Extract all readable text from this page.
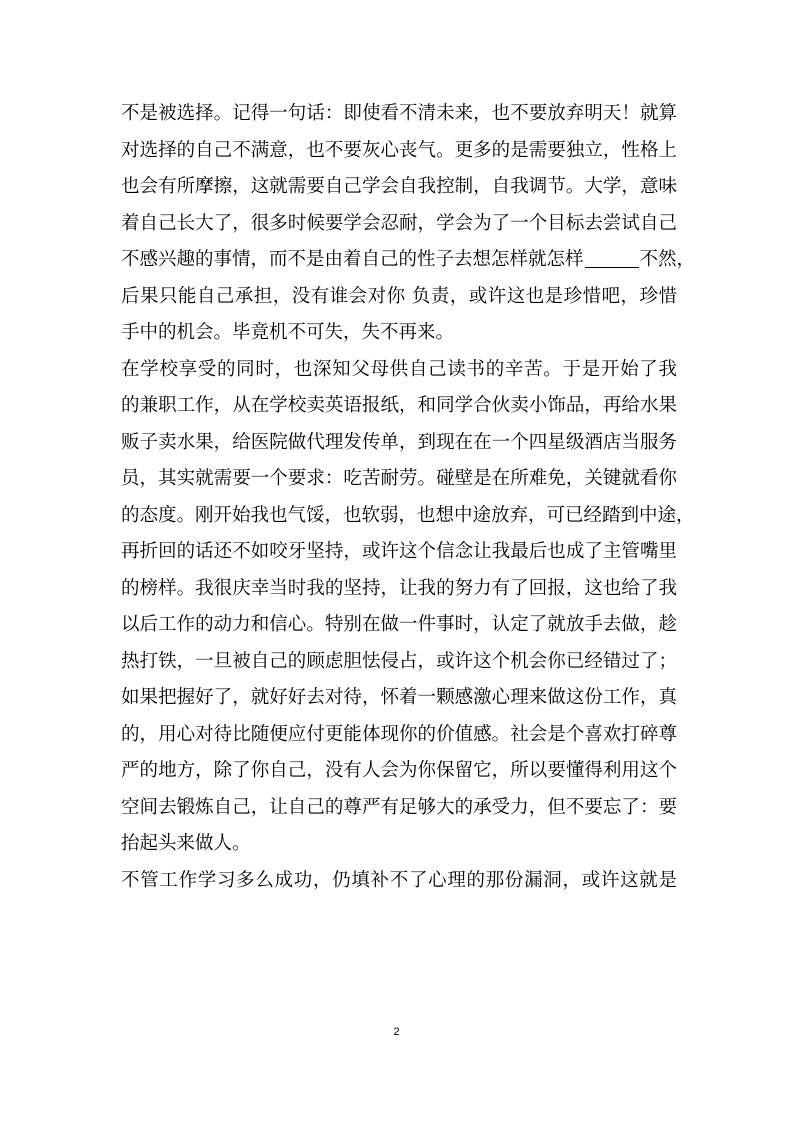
不是被选择。记得一句话：即使看不清未来，也不要放弃明天！就算
对选择的自己不满意，也不要灰心丧气。更多的是需要独立，性格上
也会有所摩擦，这就需要自己学会自我控制，自我调节。大学，意味
着自己长大了，很多时候要学会忍耐，学会为了一个目标去尝试自己
不感兴趣的事情，而不是由着自己的性子去想怎样就怎样	不然，
后果只能自己承担，没有谁会对你 负责，或许这也是珍惜吧，珍惜
手中的机会。毕竟机不可失，失不再来。
在学校享受的同时，也深知父母供自己读书的辛苦。于是开始了我
的兼职工作，从在学校卖英语报纸，和同学合伙卖小饰品，再给水果
贩子卖水果，给医院做代理发传单，到现在在一个四星级酒店当服务
员，其实就需要一个要求：吃苦耐劳。碰壁是在所难免，关键就看你
的态度。刚开始我也气馁，也软弱，也想中途放弃，可已经踏到中途，
再折回的话还不如咬牙坚持，或许这个信念让我最后也成了主管嘴里
的榜样。我很庆幸当时我的坚持，让我的努力有了回报，这也给了我
以后工作的动力和信心。特别在做一件事时，认定了就放手去做，趁
热打铁，一旦被自己的顾虑胆怯侵占，或许这个机会你已经错过了；
如果把握好了，就好好去对待，怀着一颗感激心理来做这份工作，真
的，用心对待比随便应付更能体现你的价值感。社会是个喜欢打碎尊
严的地方，除了你自己，没有人会为你保留它，所以要懂得利用这个
空间去锻炼自己，让自己的尊严有足够大的承受力，但不要忘了：要
抬起头来做人。
不管工作学习多么成功，仍填补不了心理的那份漏洞，或许这就是
2
